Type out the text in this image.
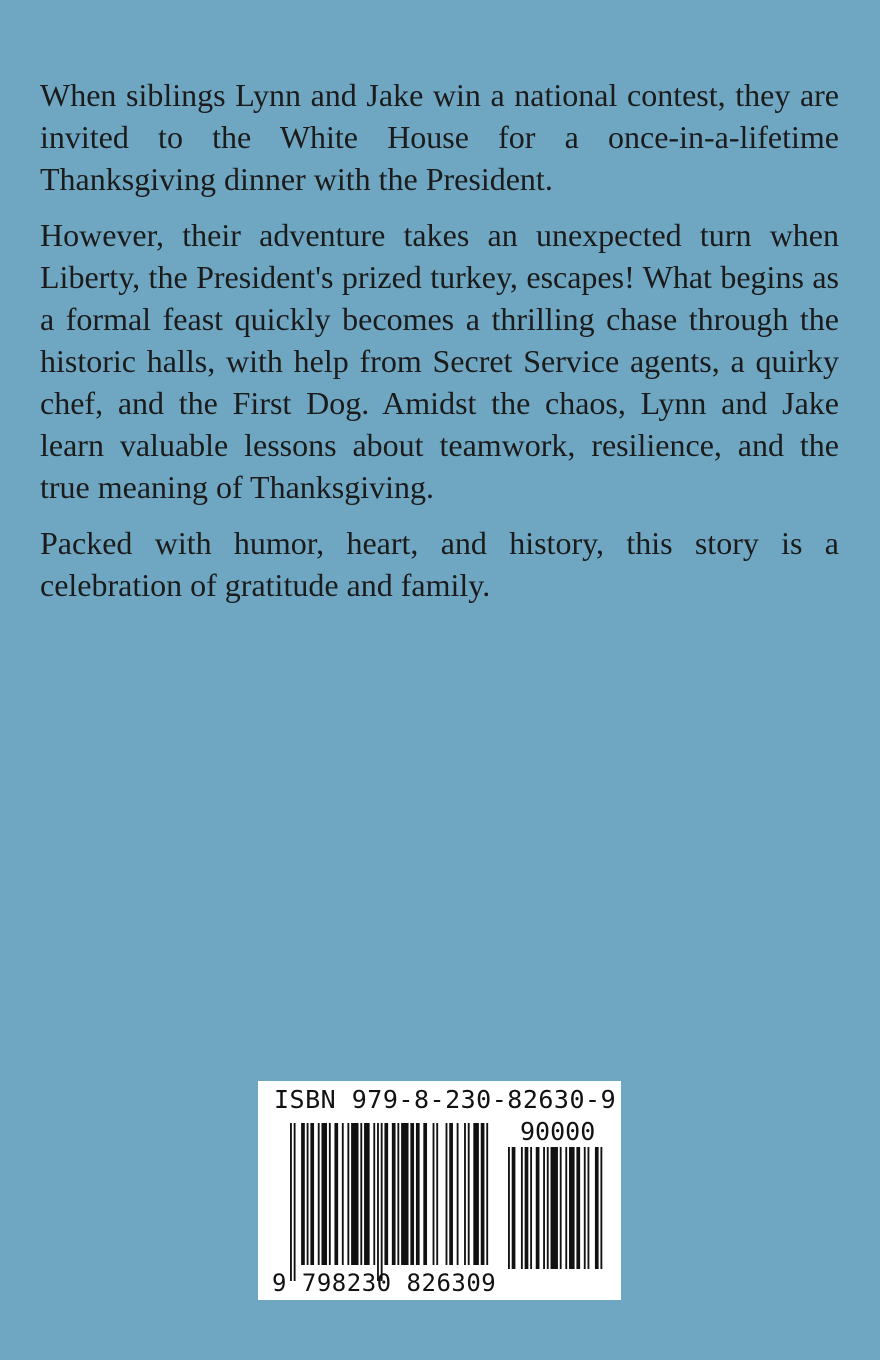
When siblings Lynn and Jake win a national contest, they are invited to the White House for a once-in-a-lifetime Thanksgiving dinner with the President.

However, their adventure takes an unexpected turn when Liberty, the President's prized turkey, escapes! What begins as a formal feast quickly becomes a thrilling chase through the historic halls, with help from Secret Service agents, a quirky chef, and the First Dog. Amidst the chaos, Lynn and Jake learn valuable lessons about teamwork, resilience, and the true meaning of Thanksgiving.

Packed with humor, heart, and history, this story is a celebration of gratitude and family.

ISBN 979-8-230-82630-9
90000
9 798230 826309
